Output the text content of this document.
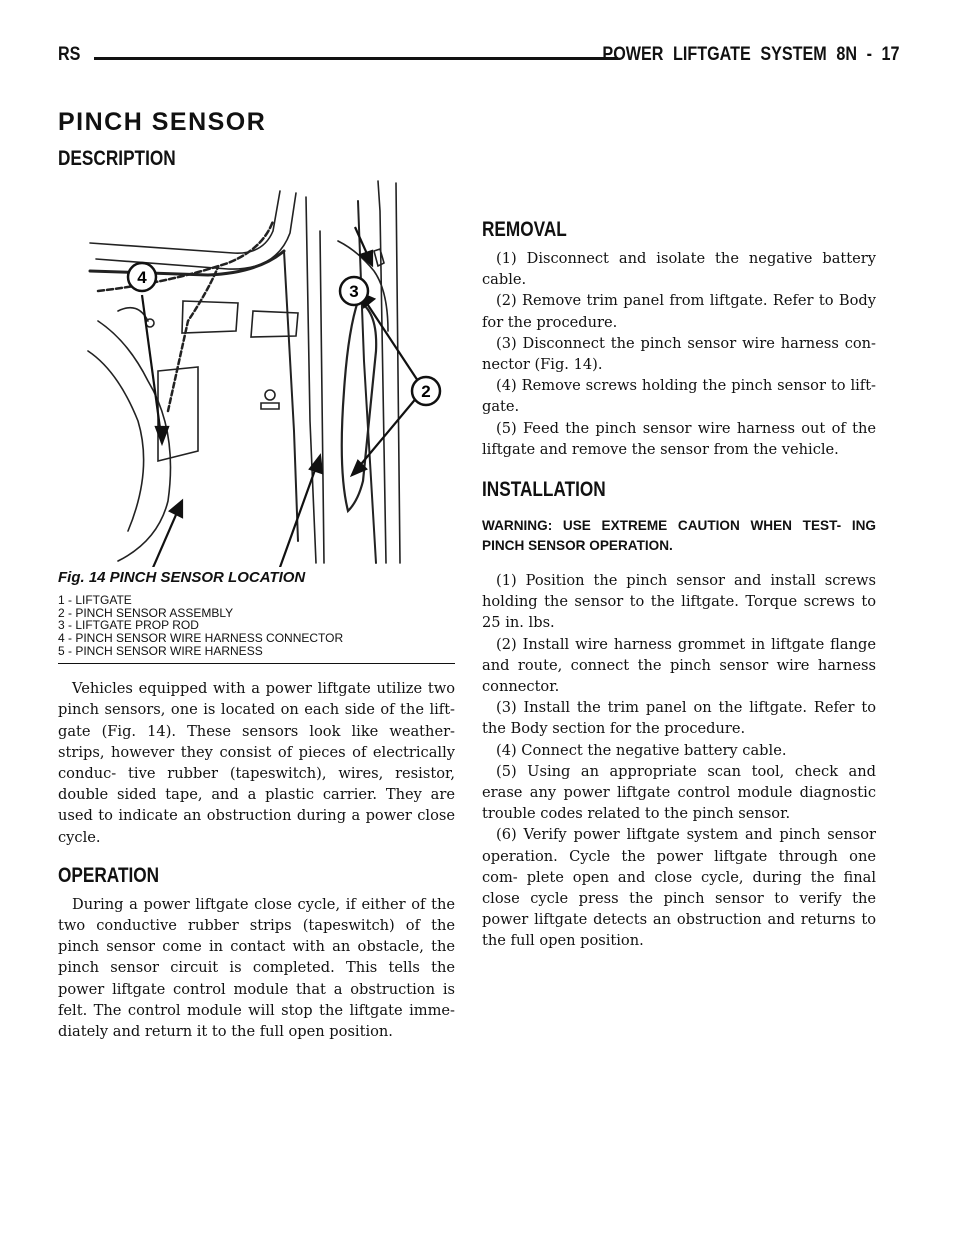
RS	POWER LIFTGATE SYSTEM 8N - 17
PINCH SENSOR
DESCRIPTION
4
3
2

Fig. 14 PINCH SENSOR LOCATION

1 - LIFTGATE
2 - PINCH SENSOR ASSEMBLY
3 - LIFTGATE PROP ROD
4 - PINCH SENSOR WIRE HARNESS CONNECTOR
5 - PINCH SENSOR WIRE HARNESS

Vehicles equipped with a power liftgate utilize two pinch sensors, one is located on each side of the lift- gate (Fig. 14). These sensors look like weather-strips, however they consist of pieces of electrically conduc- tive rubber (tapeswitch), wires, resistor, double sided tape, and a plastic carrier. They are used to indicate an obstruction during a power close cycle.

OPERATION

During a power liftgate close cycle, if either of the two conductive rubber strips (tapeswitch) of the pinch sensor come in contact with an obstacle, the pinch sensor circuit is completed. This tells the power liftgate control module that a obstruction is felt. The control module will stop the liftgate imme- diately and return it to the full open position.

REMOVAL

(1) Disconnect and isolate the negative battery cable.

(2) Remove trim panel from liftgate. Refer to Body for the procedure.

(3) Disconnect the pinch sensor wire harness con- nector (Fig. 14).

(4) Remove screws holding the pinch sensor to lift- gate.

(5) Feed the pinch sensor wire harness out of the liftgate and remove the sensor from the vehicle.

INSTALLATION

WARNING: USE EXTREME CAUTION WHEN TEST- ING PINCH SENSOR OPERATION.

(1) Position the pinch sensor and install screws holding the sensor to the liftgate. Torque screws to 25 in. lbs.

(2) Install wire harness grommet in liftgate flange and route, connect the pinch sensor wire harness connector.

(3) Install the trim panel on the liftgate. Refer to the Body section for the procedure.

(4) Connect the negative battery cable.

(5) Using an appropriate scan tool, check and erase any power liftgate control module diagnostic trouble codes related to the pinch sensor.

(6) Verify power liftgate system and pinch sensor operation. Cycle the power liftgate through one com- plete open and close cycle, during the final close cycle press the pinch sensor to verify the power liftgate detects an obstruction and returns to the full open position.
